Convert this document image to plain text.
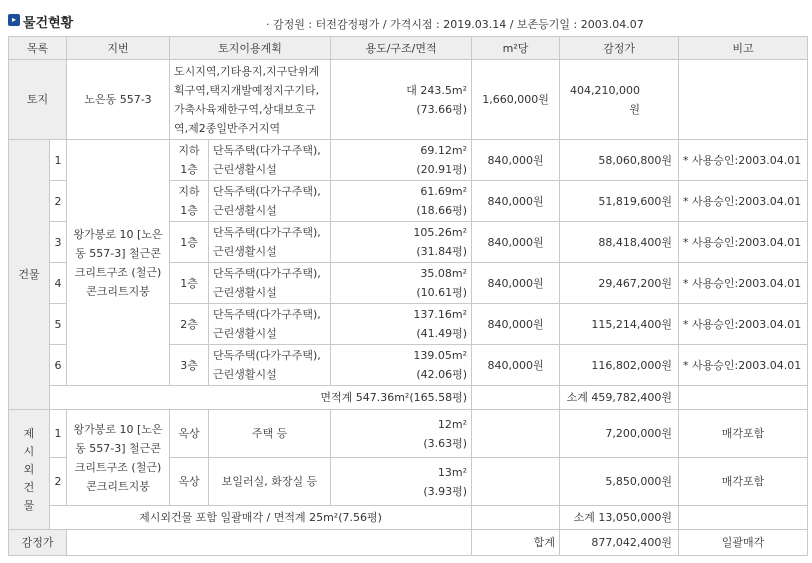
▸ 물건현황	· 감정원 : 터전감정평가 / 가격시점 : 2019.03.14 / 보존등기일 : 2003.04.07
목록		지번	토지이용계획		용도/구조/면적	m²당	감정가	비고
토지		노은동 557-3	도시지역,기타용지,지구단위계획구역,택지개발예정지구기타,가축사육제한구역,상대보호구역,제2종일반주거지역		대 243.5m²
(73.66평)	1,660,000원	404,210,000원	
건물	1	왕가봉로 10 [노은동 557-3] 철근콘크리트구조 (철근)콘크리트지붕	지하 1층	단독주택(다가구주택), 근린생활시설	69.12m²
(20.91평)	840,000원	58,060,800원	* 사용승인:2003.04.01
	2		지하 1층	단독주택(다가구주택), 근린생활시설	61.69m²
(18.66평)	840,000원	51,819,600원	* 사용승인:2003.04.01
	3		1층	단독주택(다가구주택), 근린생활시설	105.26m²
(31.84평)	840,000원	88,418,400원	* 사용승인:2003.04.01
	4		1층	단독주택(다가구주택), 근린생활시설	35.08m²
(10.61평)	840,000원	29,467,200원	* 사용승인:2003.04.01
	5		2층	단독주택(다가구주택), 근린생활시설	137.16m²
(41.49평)	840,000원	115,214,400원	* 사용승인:2003.04.01
	6		3층	단독주택(다가구주택), 근린생활시설	139.05m²
(42.06평)	840,000원	116,802,000원	* 사용승인:2003.04.01
	면적계 547.36m²(165.58평)						소계 459,782,400원	
제시외건물	1	왕가봉로 10 [노은동 557-3] 철근콘크리트구조 (철근)콘크리트지붕	옥상	주택 등	12m²
(3.63평)		7,200,000원	매각포함
	2		옥상	보일러실, 화장실 등	13m²
(3.93평)		5,850,000원	매각포함
	제시외건물 포함 일괄매각 / 면적계 25m²(7.56평)						소계 13,050,000원	
감정가						합계	877,042,400원	일괄매각
